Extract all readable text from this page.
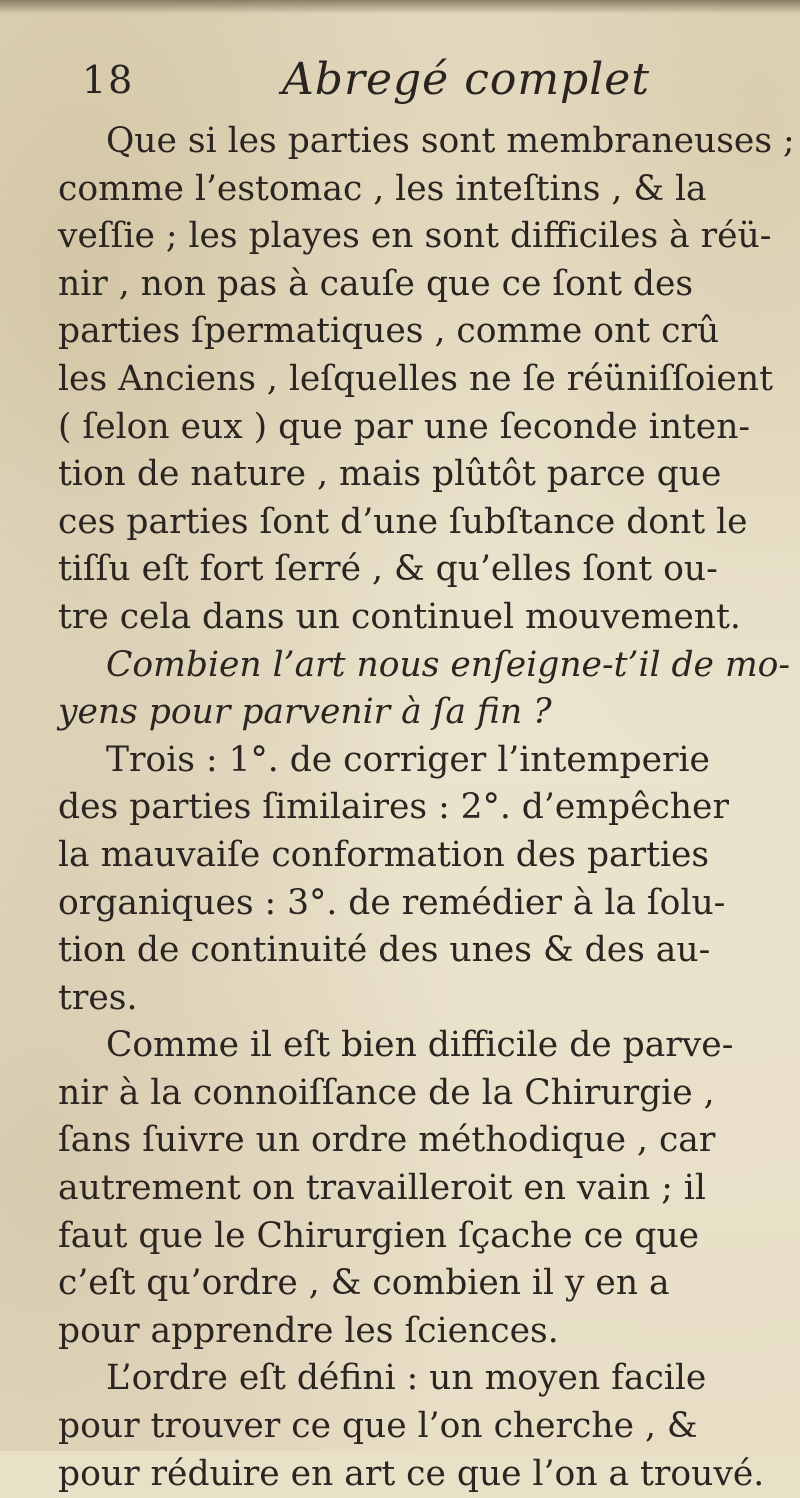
18	Abregé complet
Que si les parties sont membraneuses ;
comme l’estomac , les inteſtins , & la
veſſie ; les playes en sont difficiles à réü-
nir , non pas à cauſe que ce ſont des
parties ſpermatiques , comme ont crû
les Anciens , leſquelles ne ſe réüniſſoient
( ſelon eux ) que par une ſeconde inten-
tion de nature , mais plûtôt parce que
ces parties ſont d’une ſubſtance dont le
tiſſu eſt fort ſerré , & qu’elles ſont ou-
tre cela dans un continuel mouvement.
Combien l’art nous enſeigne-t’il de mo-
yens pour parvenir à ſa fin ?
Trois : 1°. de corriger l’intemperie
des parties ſimilaires : 2°. d’empêcher
la mauvaiſe conformation des parties
organiques : 3°. de remédier à la ſolu-
tion de continuité des unes & des au-
tres.
Comme il eſt bien difficile de parve-
nir à la connoiſſance de la Chirurgie ,
ſans ſuivre un ordre méthodique , car
autrement on travailleroit en vain ; il
faut que le Chirurgien ſçache ce que
c’eſt qu’ordre , & combien il y en a
pour apprendre les ſciences.
L’ordre eſt défini : un moyen facile
pour trouver ce que l’on cherche , &
pour réduire en art ce que l’on a trouvé.
